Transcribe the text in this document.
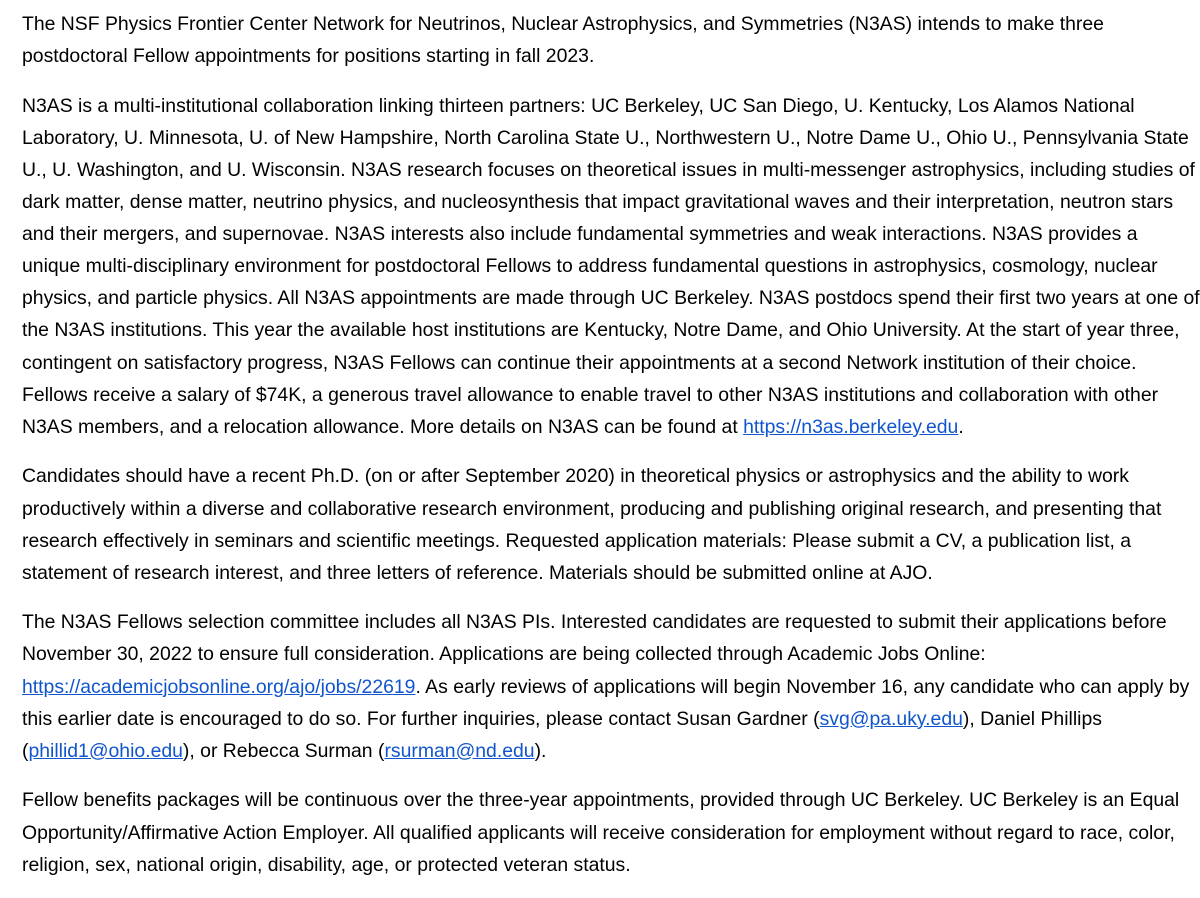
The NSF Physics Frontier Center Network for Neutrinos, Nuclear Astrophysics, and Symmetries (N3AS) intends to make three postdoctoral Fellow appointments for positions starting in fall 2023.

N3AS is a multi-institutional collaboration linking thirteen partners: UC Berkeley, UC San Diego, U. Kentucky, Los Alamos National Laboratory, U. Minnesota, U. of New Hampshire, North Carolina State U., Northwestern U., Notre Dame U., Ohio U., Pennsylvania State U., U. Washington, and U. Wisconsin. N3AS research focuses on theoretical issues in multi-messenger astrophysics, including studies of dark matter, dense matter, neutrino physics, and nucleosynthesis that impact gravitational waves and their interpretation, neutron stars and their mergers, and supernovae. N3AS interests also include fundamental symmetries and weak interactions. N3AS provides a unique multi-disciplinary environment for postdoctoral Fellows to address fundamental questions in astrophysics, cosmology, nuclear physics, and particle physics. All N3AS appointments are made through UC Berkeley. N3AS postdocs spend their first two years at one of the N3AS institutions. This year the available host institutions are Kentucky, Notre Dame, and Ohio University. At the start of year three, contingent on satisfactory progress, N3AS Fellows can continue their appointments at a second Network institution of their choice. Fellows receive a salary of $74K, a generous travel allowance to enable travel to other N3AS institutions and collaboration with other N3AS members, and a relocation allowance. More details on N3AS can be found at https://n3as.berkeley.edu.

Candidates should have a recent Ph.D. (on or after September 2020) in theoretical physics or astrophysics and the ability to work productively within a diverse and collaborative research environment, producing and publishing original research, and presenting that research effectively in seminars and scientific meetings. Requested application materials: Please submit a CV, a publication list, a statement of research interest, and three letters of reference. Materials should be submitted online at AJO.

The N3AS Fellows selection committee includes all N3AS PIs. Interested candidates are requested to submit their applications before November 30, 2022 to ensure full consideration. Applications are being collected through Academic Jobs Online: https://academicjobsonline.org/ajo/jobs/22619. As early reviews of applications will begin November 16, any candidate who can apply by this earlier date is encouraged to do so. For further inquiries, please contact Susan Gardner (svg@pa.uky.edu), Daniel Phillips (phillid1@ohio.edu), or Rebecca Surman (rsurman@nd.edu).

Fellow benefits packages will be continuous over the three-year appointments, provided through UC Berkeley. UC Berkeley is an Equal Opportunity/Affirmative Action Employer. All qualified applicants will receive consideration for employment without regard to race, color, religion, sex, national origin, disability, age, or protected veteran status.
